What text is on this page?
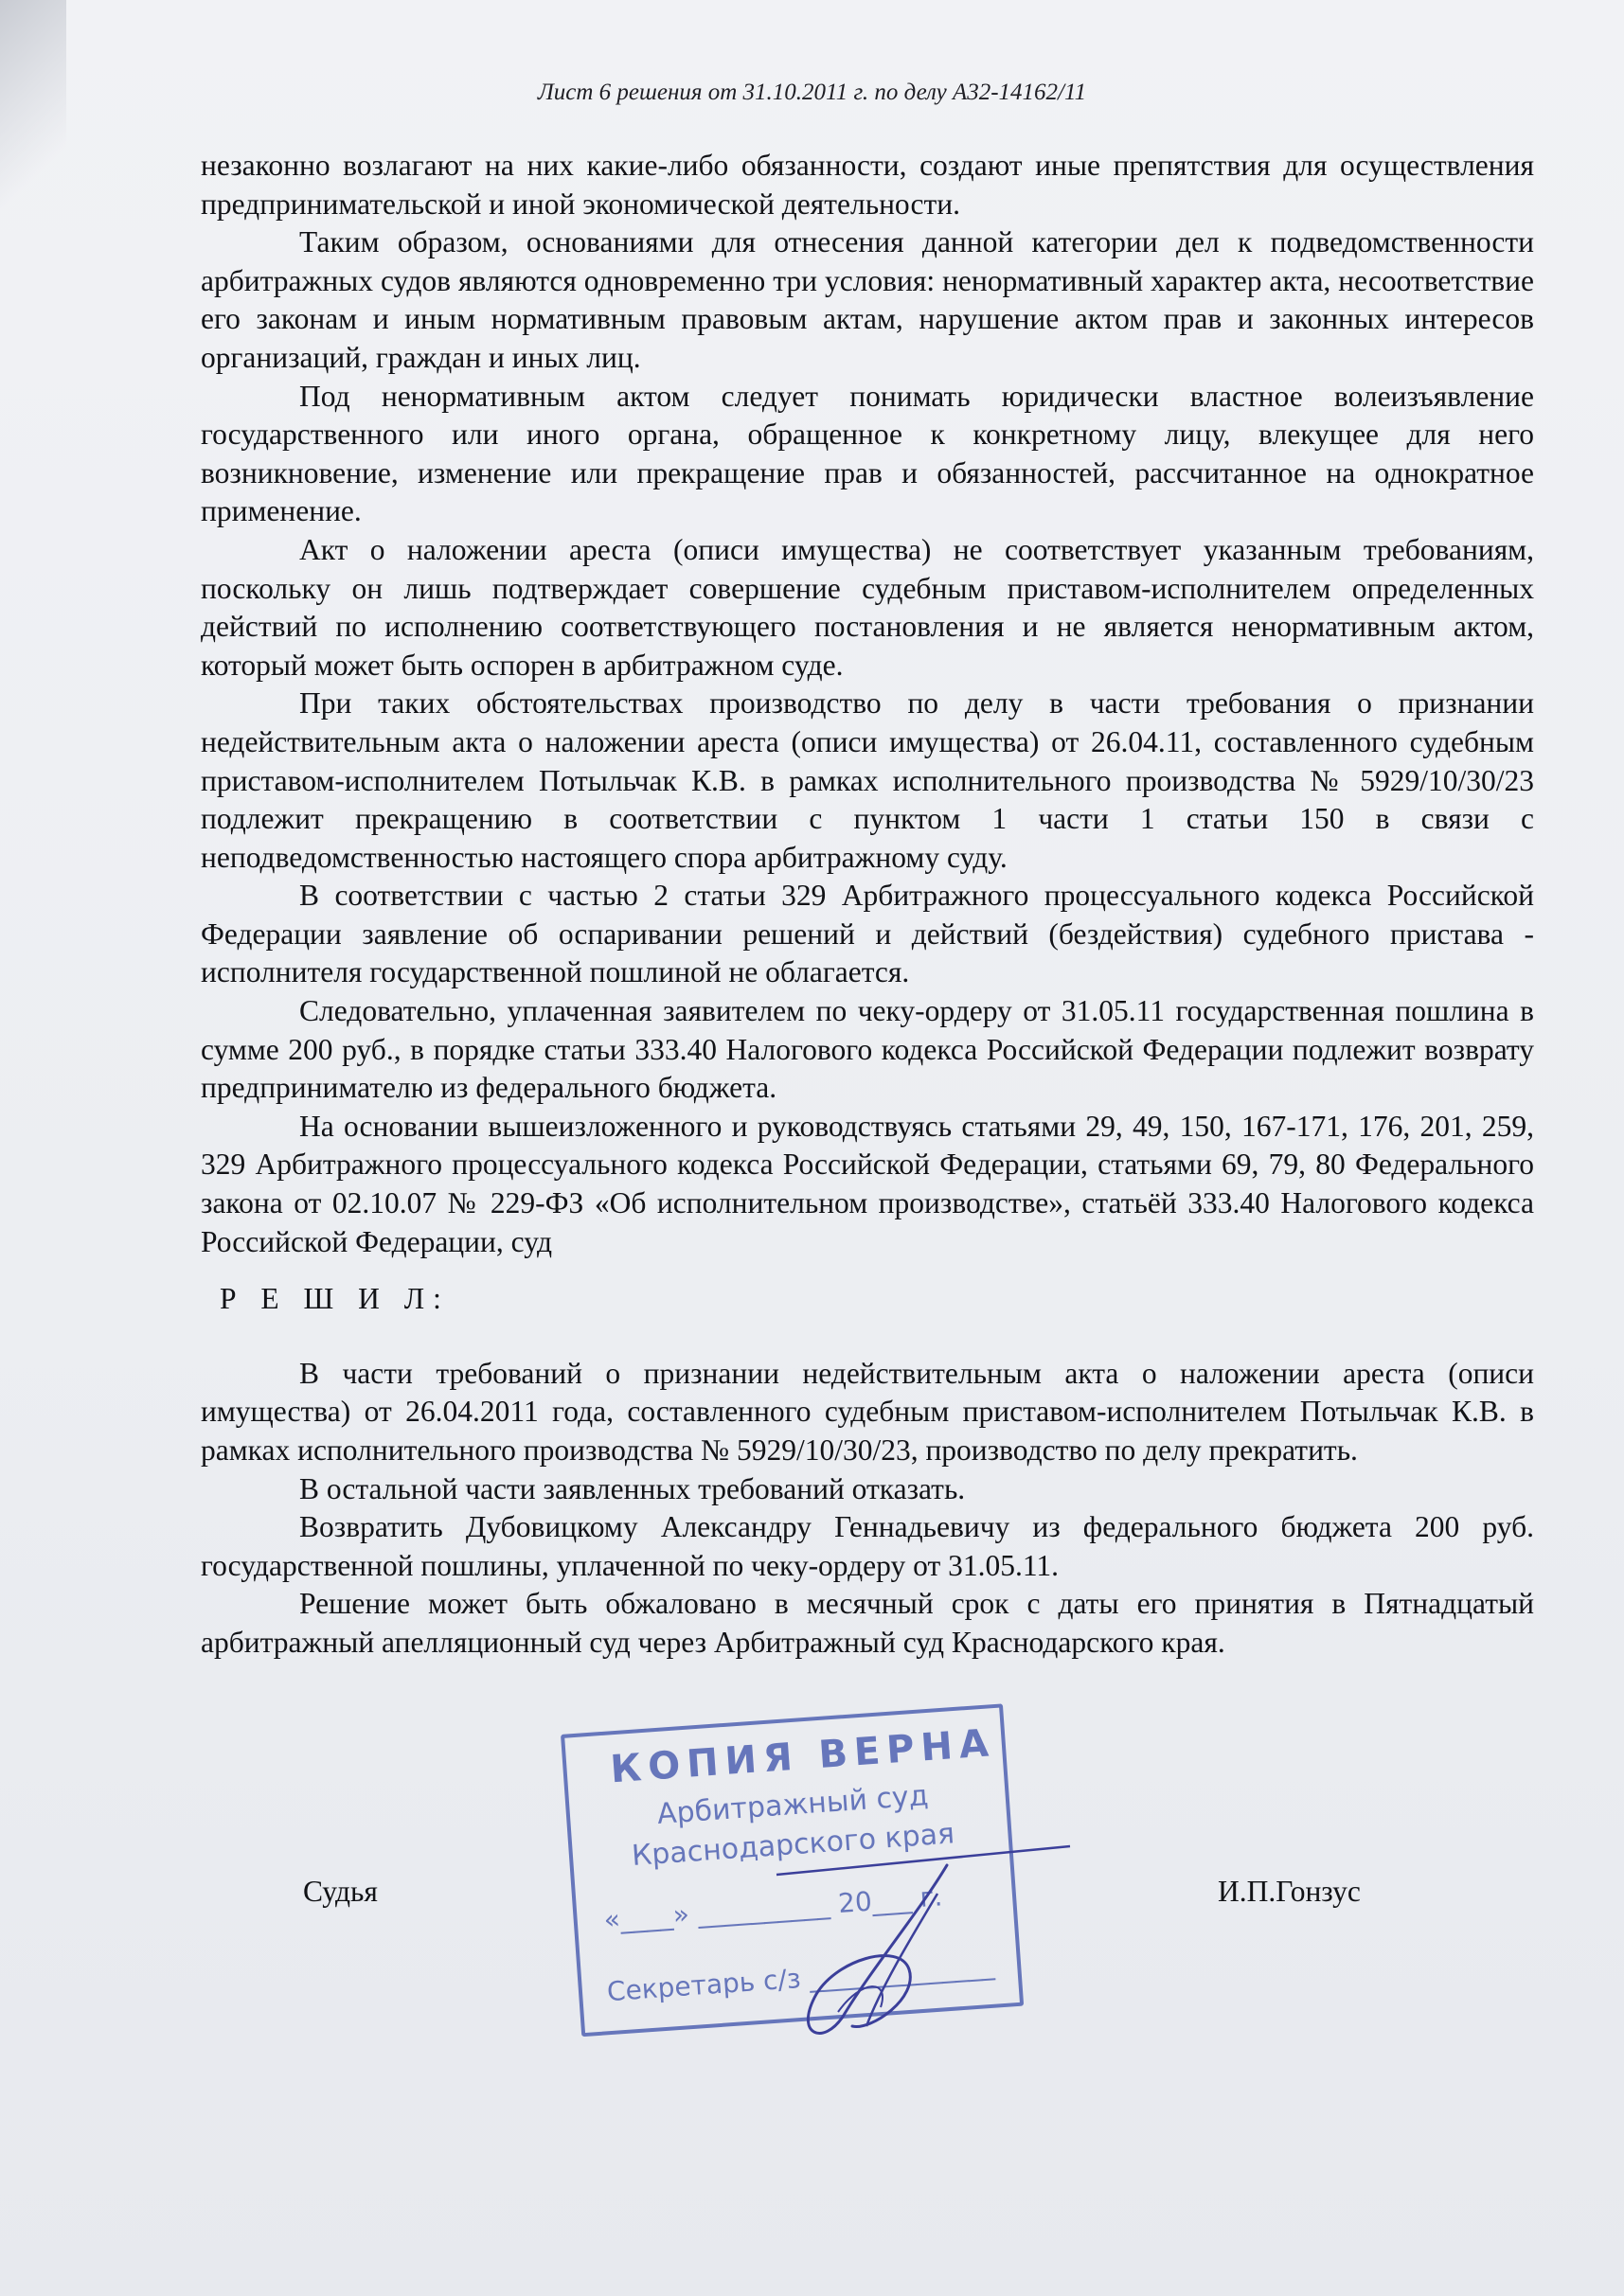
Лист 6 решения от 31.10.2011 г. по делу А32-14162/11

незаконно возлагают на них какие-либо обязанности, создают иные препятствия для осуществления предпринимательской и иной экономической деятельности.

Таким образом, основаниями для отнесения данной категории дел к подведомственности арбитражных судов являются одновременно три условия: ненормативный характер акта, несоответствие его законам и иным нормативным правовым актам, нарушение актом прав и законных интересов организаций, граждан и иных лиц.

Под ненормативным актом следует понимать юридически властное волеизъявление государственного или иного органа, обращенное к конкретному лицу, влекущее для него возникновение, изменение или прекращение прав и обязанностей, рассчитанное на однократное применение.

Акт о наложении ареста (описи имущества) не соответствует указанным требованиям, поскольку он лишь подтверждает совершение судебным приставом-исполнителем определенных действий по исполнению соответствующего постановления и не является ненормативным актом, который может быть оспорен в арбитражном суде.

При таких обстоятельствах производство по делу в части требования о признании недействительным акта о наложении ареста (описи имущества) от 26.04.11, составленного судебным приставом-исполнителем Потыльчак К.В. в рамках исполнительного производства № 5929/10/30/23 подлежит прекращению в соответствии с пунктом 1 части 1 статьи 150 в связи с неподведомственностью настоящего спора арбитражному суду.

В соответствии с частью 2 статьи 329 Арбитражного процессуального кодекса Российской Федерации заявление об оспаривании решений и действий (бездействия) судебного пристава - исполнителя государственной пошлиной не облагается.

Следовательно, уплаченная заявителем по чеку-ордеру от 31.05.11 государственная пошлина в сумме 200 руб., в порядке статьи 333.40 Налогового кодекса Российской Федерации подлежит возврату предпринимателю из федерального бюджета.

На основании вышеизложенного и руководствуясь статьями 29, 49, 150, 167-171, 176, 201, 259, 329 Арбитражного процессуального кодекса Российской Федерации, статьями 69, 79, 80 Федерального закона от 02.10.07 № 229-ФЗ «Об исполнительном производстве», статьёй 333.40 Налогового кодекса Российской Федерации, суд

Р Е Ш И Л:

В части требований о признании недействительным акта о наложении ареста (описи имущества) от 26.04.2011 года, составленного судебным приставом-исполнителем Потыльчак К.В. в рамках исполнительного производства № 5929/10/30/23, производство по делу прекратить.

В остальной части заявленных требований отказать.

Возвратить Дубовицкому Александру Геннадьевичу из федерального бюджета 200 руб. государственной пошлины, уплаченной по чеку-ордеру от 31.05.11.

Решение может быть обжаловано в месячный срок с даты его принятия в Пятнадцатый арбитражный апелляционный суд через Арбитражный суд Краснодарского края.

Судья	И.П.Гонзус
КОПИЯ ВЕРНА
Арбитражный суд
Краснодарского края
«____» __________ 20___ г.
Секретарь с/з ______________
